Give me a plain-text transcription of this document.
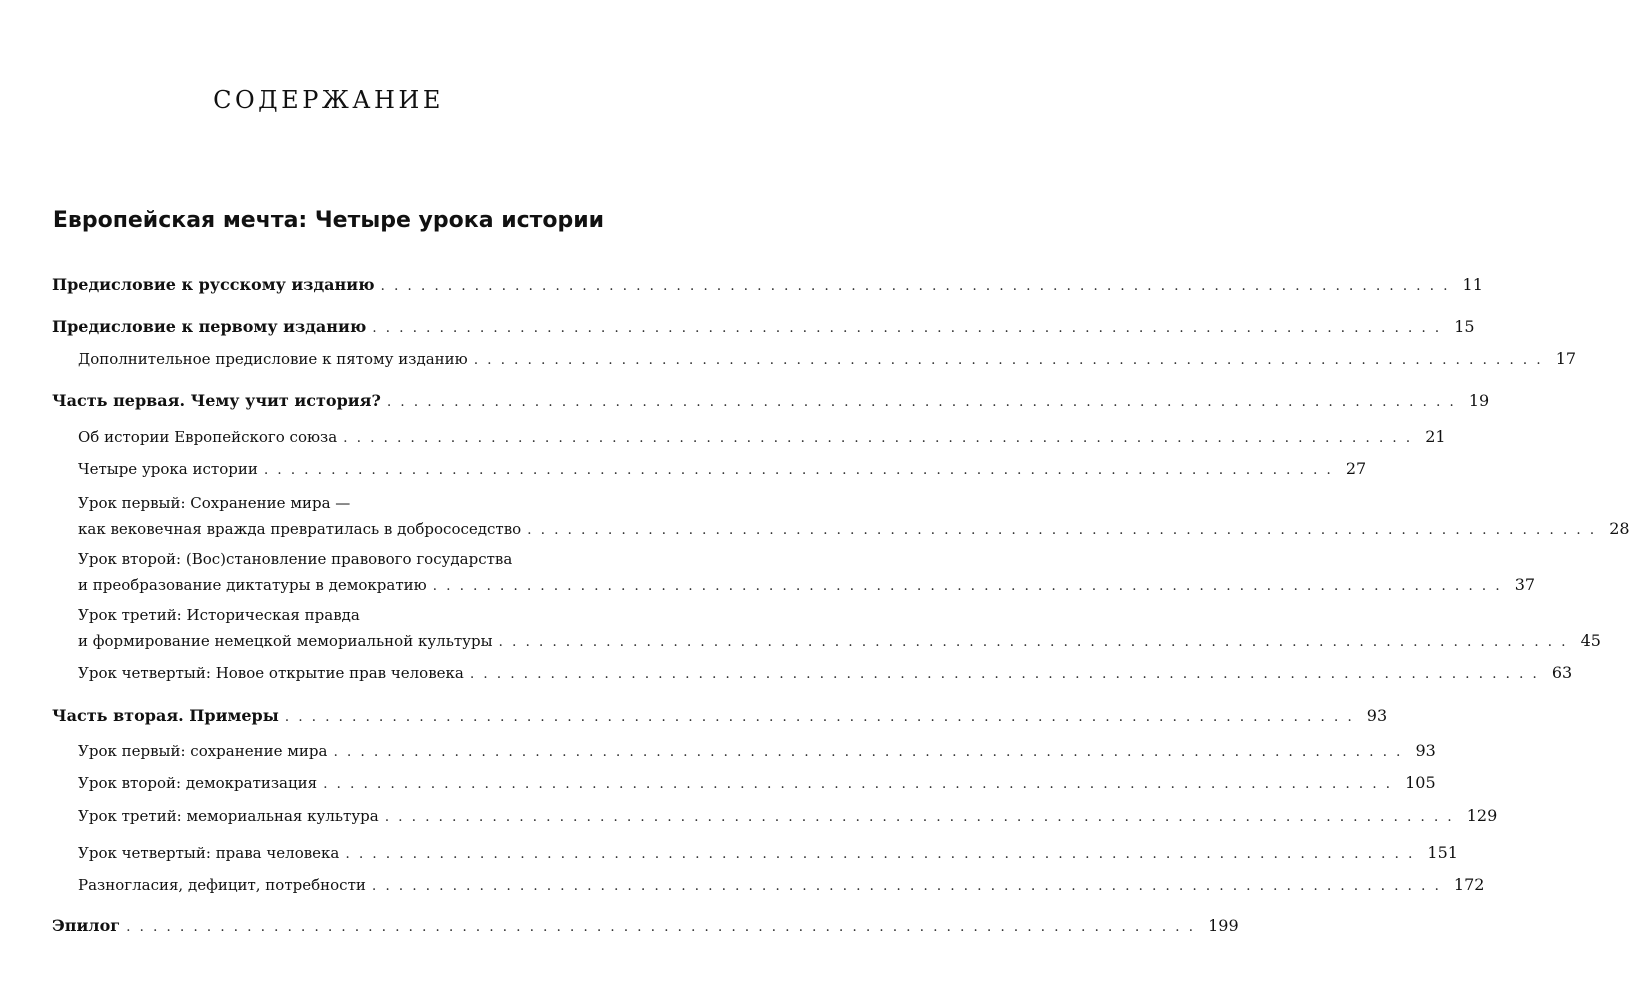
СОДЕРЖАНИЕ
Европейская мечта: Четыре урока истории
Предисловие к русскому изданию ................................................................................ 11
Предисловие к первому изданию ................................................................................ 15
Дополнительное предисловие к пятому изданию ................................................................................ 17
Часть первая. Чему учит история? ................................................................................ 19
Об истории Европейского союза ................................................................................ 21
Четыре урока истории ................................................................................ 27
Урок первый: Сохранение мира —
как вековечная вражда превратилась в добрососедство ................................................................................ 28
Урок второй: (Вос)становление правового государства
и преобразование диктатуры в демократию ................................................................................ 37
Урок третий: Историческая правда
и формирование немецкой мемориальной культуры ................................................................................ 45
Урок четвертый: Новое открытие прав человека ................................................................................ 63
Часть вторая. Примеры ................................................................................ 93
Урок первый: сохранение мира ................................................................................ 93
Урок второй: демократизация ................................................................................ 105
Урок третий: мемориальная культура ................................................................................ 129
Урок четвертый: права человека ................................................................................ 151
Разногласия, дефицит, потребности ................................................................................ 172
Эпилог ................................................................................ 199
